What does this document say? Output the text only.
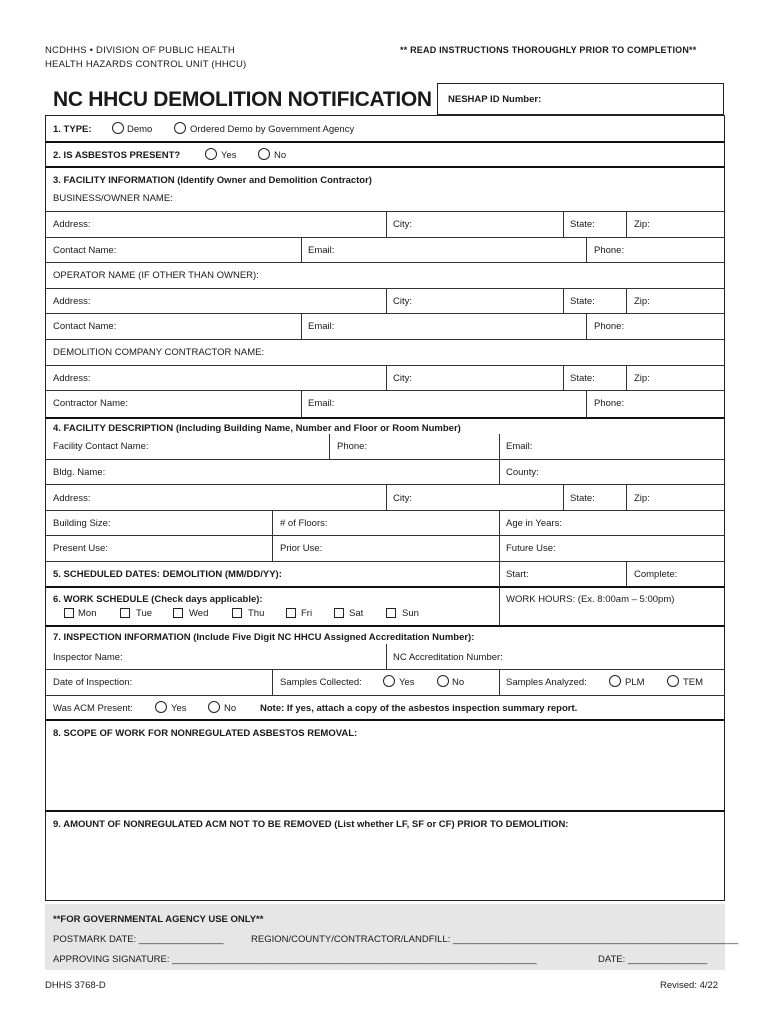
NCDHHS • DIVISION OF PUBLIC HEALTH
HEALTH HAZARDS CONTROL UNIT (HHCU)
** READ INSTRUCTIONS THOROUGHLY PRIOR TO COMPLETION**
NC HHCU DEMOLITION NOTIFICATION NESHAP ID Number:
1. TYPE:	Demo	Ordered Demo by Government Agency
2. IS ASBESTOS PRESENT?	Yes	No
3. FACILITY INFORMATION (Identify Owner and Demolition Contractor)
BUSINESS/OWNER NAME:
Address:	City:	State:	Zip:
Contact Name:	Email:	Phone:
OPERATOR NAME (IF OTHER THAN OWNER):
Address:	City:	State:	Zip:
Contact Name:	Email:	Phone:
DEMOLITION COMPANY CONTRACTOR NAME:
Address:	City:	State:	Zip:
Contractor Name:	Email:	Phone:
4. FACILITY DESCRIPTION (Including Building Name, Number and Floor or Room Number)
Facility Contact Name:	Phone:	Email:
Bldg. Name:	County:
Address:	City:	State:	Zip:
Building Size:	# of Floors:	Age in Years:
Present Use:	Prior Use:	Future Use:
5. SCHEDULED DATES: DEMOLITION (MM/DD/YY):	Start:	Complete:
6. WORK SCHEDULE (Check days applicable):
Mon	Tue	Wed	Thu	Fri	Sat	Sun
WORK HOURS: (Ex. 8:00am – 5:00pm)
7. INSPECTION INFORMATION (Include Five Digit NC HHCU Assigned Accreditation Number):
Inspector Name:	NC Accreditation Number:
Date of Inspection:	Samples Collected:	Yes	No	Samples Analyzed:	PLM	TEM
Was ACM Present:	Yes	No	Note: If yes, attach a copy of the asbestos inspection summary report.
8. SCOPE OF WORK FOR NONREGULATED ASBESTOS REMOVAL:
9. AMOUNT OF NONREGULATED ACM NOT TO BE REMOVED (List whether LF, SF or CF) PRIOR TO DEMOLITION:
**FOR GOVERNMENTAL AGENCY USE ONLY**
POSTMARK DATE: ________________	REGION/COUNTY/CONTRACTOR/LANDFILL: ______________________________________________________
APPROVING SIGNATURE: _____________________________________________________________________	DATE: _______________
DHHS 3768-D	Revised: 4/22
